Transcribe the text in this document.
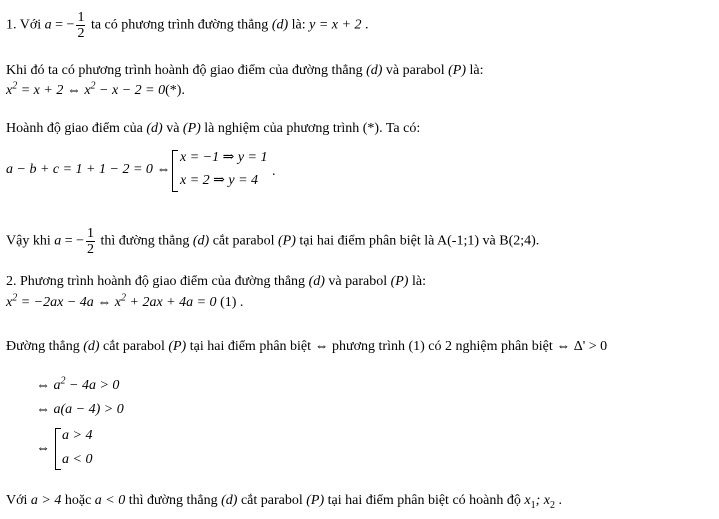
1. Với a = − $\frac{1}{2}$ ta có phương trình đường thẳng (d) là: y = x + 2 .
Khi đó ta có phương trình hoành độ giao điểm của đường thẳng (d) và parabol (P) là:
$x^2 = x + 2$ ⇔ $x^2 - x - 2 = 0(*)$.
Hoành độ giao điểm của (d) và (P) là nghiệm của phương trình (*). Ta có:
a − b + c = 1 + 1 − 2 = 0 ⇔
x = −1 ⇒ y = 1
x = 2 ⇒ y = 4
.
Vậy khi a = − $\frac{1}{2}$ thì đường thẳng (d) cắt parabol (P) tại hai điểm phân biệt là A(-1;1) và B(2;4).
2. Phương trình hoành độ giao điểm của đường thẳng (d) và parabol (P) là:
$x^2 = -2ax - 4a$ ⇔ $x^2 + 2ax + 4a = 0$ (1) .
Đường thẳng (d) cắt parabol (P) tại hai điểm phân biệt ⇔ phương trình (1) có 2 nghiệm phân biệt ⇔ Δ' > 0
⇔ $a^2 - 4a > 0$
⇔ a(a − 4) > 0
⇔
a > 4
a < 0
Với a > 4 hoặc a < 0 thì đường thẳng (d) cắt parabol (P) tại hai điểm phân biệt có hoành độ $x_1$; $x_2$ .
